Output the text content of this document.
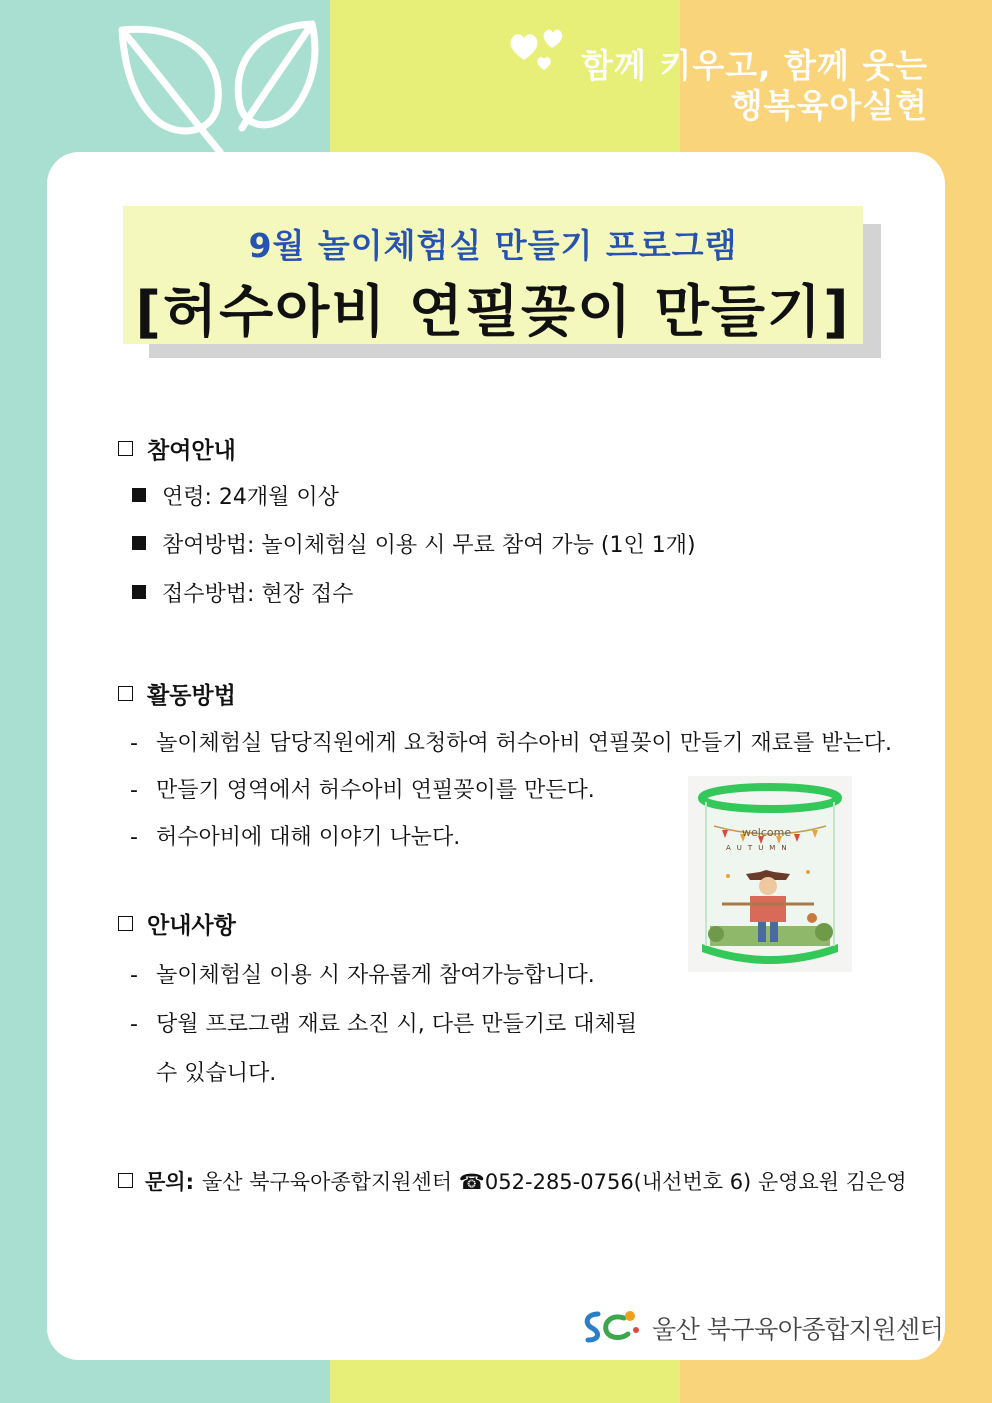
함께 키우고, 함께 웃는
행복육아실현
9월 놀이체험실 만들기 프로그램
[허수아비 연필꽂이 만들기]
참여안내
연령: 24개월 이상
참여방법: 놀이체험실 이용 시 무료 참여 가능 (1인 1개)
접수방법: 현장 접수
활동방법
- 놀이체험실 담당직원에게 요청하여 허수아비 연필꽂이 만들기 재료를 받는다.
- 만들기 영역에서 허수아비 연필꽂이를 만든다.
- 허수아비에 대해 이야기 나눈다.	welcome
AUTUMN
안내사항
- 놀이체험실 이용 시 자유롭게 참여가능합니다.
- 당월 프로그램 재료 소진 시, 다른 만들기로 대체될
수 있습니다.
문의: 울산 북구육아종합지원센터 ☎052-285-0756(내선번호 6) 운영요원 김은영
울산 북구육아종합지원센터
